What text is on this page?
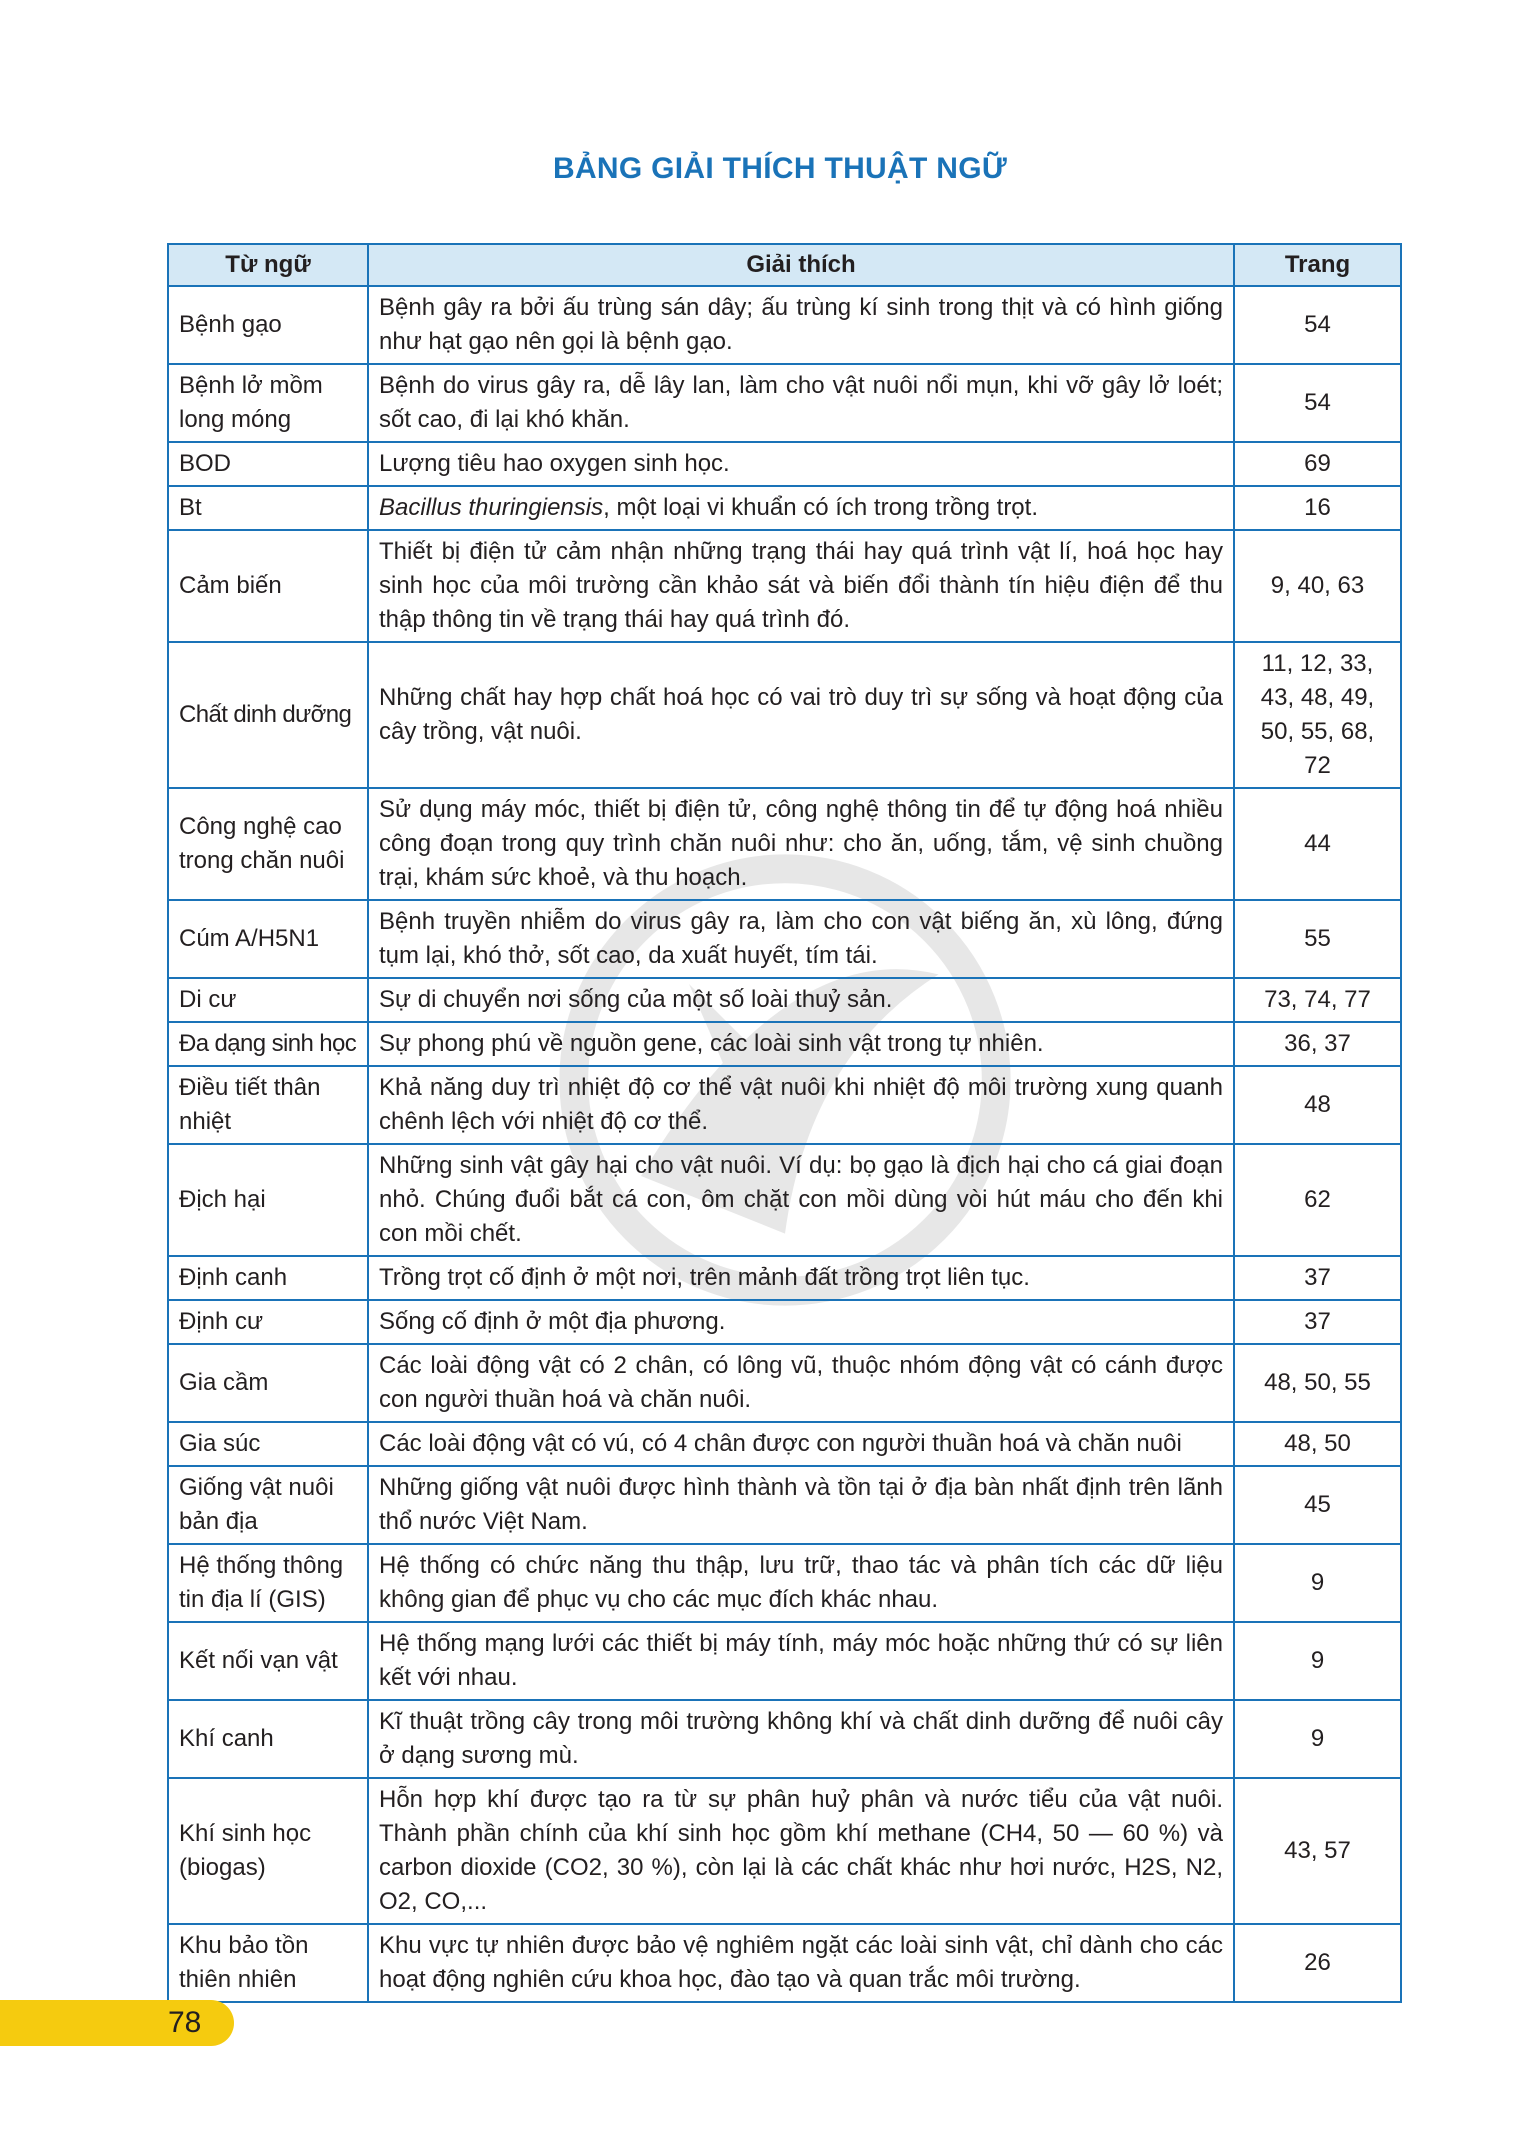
BẢNG GIẢI THÍCH THUẬT NGỮ
Từ ngữ	Giải thích	Trang
Bệnh gạo	Bệnh gây ra bởi ấu trùng sán dây; ấu trùng kí sinh trong thịt và có hình giống như hạt gạo nên gọi là bệnh gạo.	54
Bệnh lở mồm long móng	Bệnh do virus gây ra, dễ lây lan, làm cho vật nuôi nổi mụn, khi vỡ gây lở loét; sốt cao, đi lại khó khăn.	54
BOD	Lượng tiêu hao oxygen sinh học.	69
Bt	Bacillus thuringiensis, một loại vi khuẩn có ích trong trồng trọt.	16
Cảm biến	Thiết bị điện tử cảm nhận những trạng thái hay quá trình vật lí, hoá học hay sinh học của môi trường cần khảo sát và biến đổi thành tín hiệu điện để thu thập thông tin về trạng thái hay quá trình đó.	9, 40, 63
Chất dinh dưỡng	Những chất hay hợp chất hoá học có vai trò duy trì sự sống và hoạt động của cây trồng, vật nuôi.	11, 12, 33, 43, 48, 49, 50, 55, 68, 72
Công nghệ cao trong chăn nuôi	Sử dụng máy móc, thiết bị điện tử, công nghệ thông tin để tự động hoá nhiều công đoạn trong quy trình chăn nuôi như: cho ăn, uống, tắm, vệ sinh chuồng trại, khám sức khoẻ, và thu hoạch.	44
Cúm A/H5N1	Bệnh truyền nhiễm do virus gây ra, làm cho con vật biếng ăn, xù lông, đứng tụm lại, khó thở, sốt cao, da xuất huyết, tím tái.	55
Di cư	Sự di chuyển nơi sống của một số loài thuỷ sản.	73, 74, 77
Đa dạng sinh học	Sự phong phú về nguồn gene, các loài sinh vật trong tự nhiên.	36, 37
Điều tiết thân nhiệt	Khả năng duy trì nhiệt độ cơ thể vật nuôi khi nhiệt độ môi trường xung quanh chênh lệch với nhiệt độ cơ thể.	48
Địch hại	Những sinh vật gây hại cho vật nuôi. Ví dụ: bọ gạo là địch hại cho cá giai đoạn nhỏ. Chúng đuổi bắt cá con, ôm chặt con mồi dùng vòi hút máu cho đến khi con mồi chết.	62
Định canh	Trồng trọt cố định ở một nơi, trên mảnh đất trồng trọt liên tục.	37
Định cư	Sống cố định ở một địa phương.	37
Gia cầm	Các loài động vật có 2 chân, có lông vũ, thuộc nhóm động vật có cánh được con người thuần hoá và chăn nuôi.	48, 50, 55
Gia súc	Các loài động vật có vú, có 4 chân được con người thuần hoá và chăn nuôi	48, 50
Giống vật nuôi bản địa	Những giống vật nuôi được hình thành và tồn tại ở địa bàn nhất định trên lãnh thổ nước Việt Nam.	45
Hệ thống thông tin địa lí (GIS)	Hệ thống có chức năng thu thập, lưu trữ, thao tác và phân tích các dữ liệu không gian để phục vụ cho các mục đích khác nhau.	9
Kết nối vạn vật	Hệ thống mạng lưới các thiết bị máy tính, máy móc hoặc những thứ có sự liên kết với nhau.	9
Khí canh	Kĩ thuật trồng cây trong môi trường không khí và chất dinh dưỡng để nuôi cây ở dạng sương mù.	9
Khí sinh học (biogas)	Hỗn hợp khí được tạo ra từ sự phân huỷ phân và nước tiểu của vật nuôi. Thành phần chính của khí sinh học gồm khí methane (CH4, 50 — 60 %) và carbon dioxide (CO2, 30 %), còn lại là các chất khác như hơi nước, H2S, N2, O2, CO,...	43, 57
Khu bảo tồn thiên nhiên	Khu vực tự nhiên được bảo vệ nghiêm ngặt các loài sinh vật, chỉ dành cho các hoạt động nghiên cứu khoa học, đào tạo và quan trắc môi trường.	26
78
